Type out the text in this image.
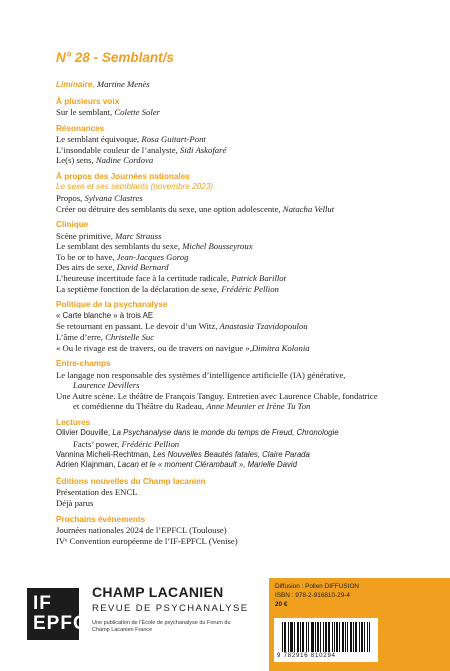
N° 28 - Semblant/s
Liminaire, Martine Menès
À plusieurs voix
Sur le semblant, Colette Soler
Résonances
Le semblant équivoque, Rosa Guitart-Pont
L’insondable couleur de l’analyste, Sidi Askofaré
Le(s) sens, Nadine Cordova
À propos des Journées nationales
Le sexe et ses semblants (novembre 2023)
Propos, Sylvana Clastres
Créer ou détruire des semblants du sexe, une option adolescente, Natacha Vellut
Clinique
Scène primitive, Marc Strauss
Le semblant des semblants du sexe, Michel Bousseyroux
To be or to have, Jean-Jacques Gorog
Des airs de sexe, David Bernard
L’heureuse incertitude face à la certitude radicale, Patrick Barillot
La septième fonction de la déclaration de sexe, Frédéric Pellion
Politique de la psychanalyse
« Carte blanche » à trois AE
Se retournant en passant. Le devoir d’un Witz, Anastasia Tzavidopoulou
L’âme d’erre, Christelle Suc
« Ou le rivage est de travers, ou de travers on navigue »,Dimitra Kolonia
Entre-champs
Le langage non responsable des systèmes d’intelligence artificielle (IA) générative,
Laurence Devillers
Une Autre scène. Le théâtre de François Tanguy. Entretien avec Laurence Chable, fondatrice
et comédienne du Théâtre du Radeau, Anne Meunier et Irène Tu Ton
Lectures
Olivier Douville, La Psychanalyse dans le monde du temps de Freud, Chronologie
Facts’ power, Frédéric Pellion
Vannina Micheli-Rechtman, Les Nouvelles Beautés fatales, Claire Parada
Adrien Klajnman, Lacan et le « moment Clérambault », Marielle David
Éditions nouvelles du Champ lacanien
Présentation des ENCL
Déjà parus
Prochains événements
Journées nationales 2024 de l’EPFCL (Toulouse)
IVᵉ Convention européenne de l’IF-EPFCL (Venise)
IF
EPFCL
CHAMP LACANIEN
REVUE DE PSYCHANALYSE
Une publication de l’École de psychanalyse du Forum du Champ Lacanien France
Diffusion : Pollen DIFFUSION
ISBN : 978-2-916810-29-4
20 €
9 782916 810294
